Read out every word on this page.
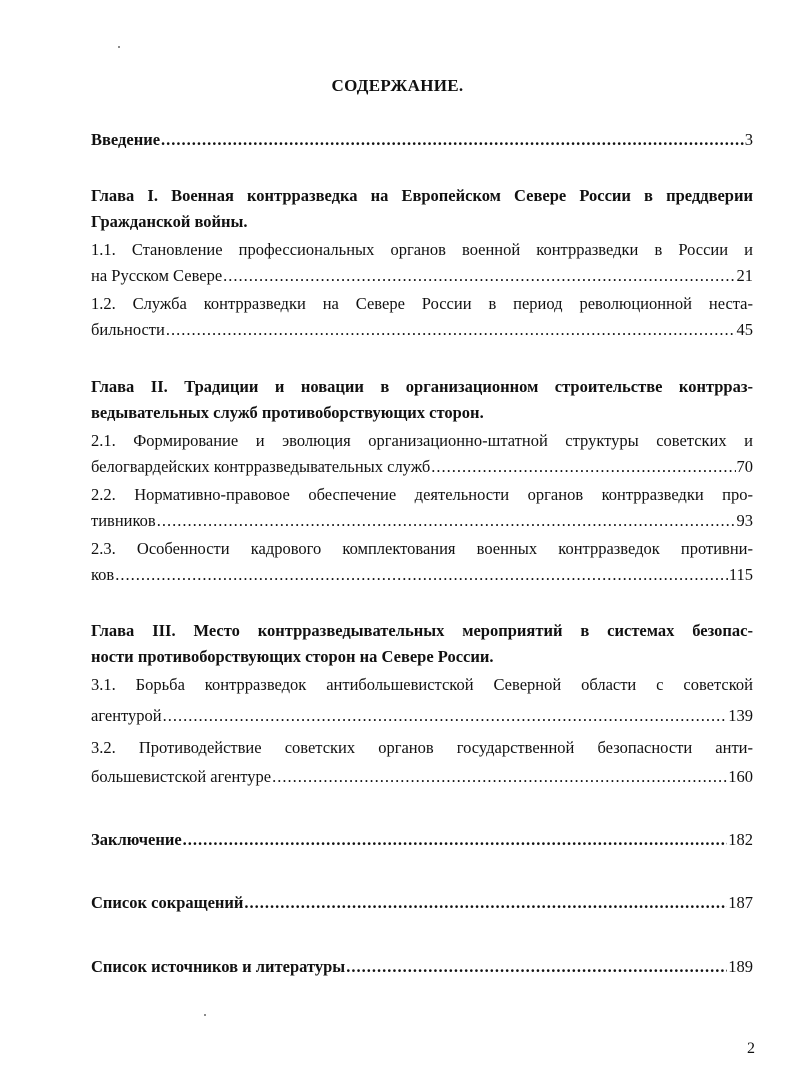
СОДЕРЖАНИЕ.
Введение .....	3
Глава I. Военная контрразведка на Европейском Севере России в преддверии
Гражданской войны.
1.1. Становление профессиональных органов военной контрразведки в России и
на Русском Севере .....	21
1.2. Служба контрразведки на Севере России в период революционной неста-
бильности .....	45
Глава II. Традиции и новации в организационном строительстве контрраз-
ведывательных служб противоборствующих сторон.
2.1. Формирование и эволюция организационно-штатной структуры советских и
белогвардейских контрразведывательных служб .....	70
2.2. Нормативно-правовое обеспечение деятельности органов контрразведки про-
тивников .....	93
2.3. Особенности кадрового комплектования военных контрразведок противни-
ков .....	115
Глава III. Место контрразведывательных мероприятий в системах безопас-
ности противоборствующих сторон на Севере России.
3.1. Борьба контрразведок антибольшевистской Северной области с советской
агентурой .....	139
3.2. Противодействие советских органов государственной безопасности анти-
большевистской агентуре .....	160
Заключение .....	182
Список сокращений .....	187
Список источников и литературы .....	189
2
